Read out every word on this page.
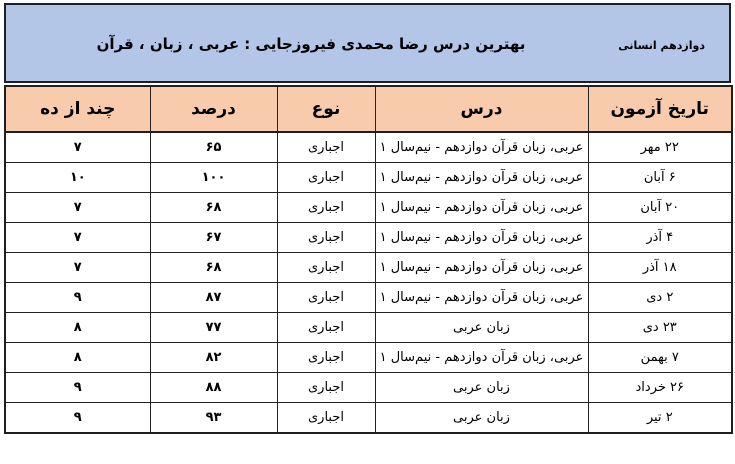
بهترین درس رضا محمدی فیروزجایی : عربی ، زبان ، قرآن	دوازدهم انسانی
تاریخ آزمون	درس	نوع	درصد	چند از ده
۲۲ مهر	عربی، زبان قرآن دوازدهم - نیم‌سال ۱	اجباری	۶۵	۷
۶ آبان	عربی، زبان قرآن دوازدهم - نیم‌سال ۱	اجباری	۱۰۰	۱۰
۲۰ آبان	عربی، زبان قرآن دوازدهم - نیم‌سال ۱	اجباری	۶۸	۷
۴ آذر	عربی، زبان قرآن دوازدهم - نیم‌سال ۱	اجباری	۶۷	۷
۱۸ آذر	عربی، زبان قرآن دوازدهم - نیم‌سال ۱	اجباری	۶۸	۷
۲ دی	عربی، زبان قرآن دوازدهم - نیم‌سال ۱	اجباری	۸۷	۹
۲۳ دی	زبان عربی	اجباری	۷۷	۸
۷ بهمن	عربی، زبان قرآن دوازدهم - نیم‌سال ۱	اجباری	۸۲	۸
۲۶ خرداد	زبان عربی	اجباری	۸۸	۹
۲ تیر	زبان عربی	اجباری	۹۳	۹
